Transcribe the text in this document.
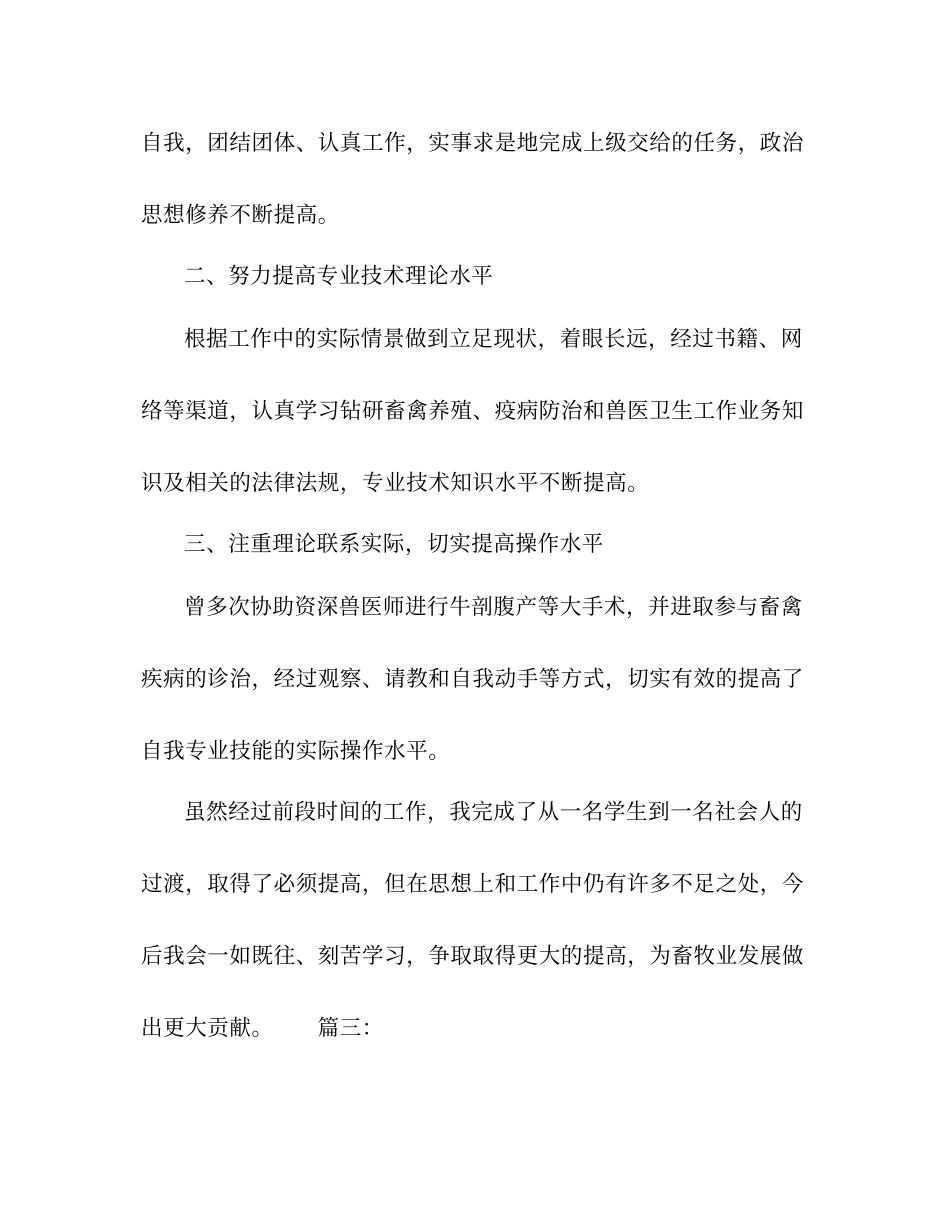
自我，团结团体、认真工作，实事求是地完成上级交给的任务，政治

思想修养不断提高。

二、努力提高专业技术理论水平

根据工作中的实际情景做到立足现状，着眼长远，经过书籍、网

络等渠道，认真学习钻研畜禽养殖、疫病防治和兽医卫生工作业务知

识及相关的法律法规，专业技术知识水平不断提高。

三、注重理论联系实际，切实提高操作水平

曾多次协助资深兽医师进行牛剖腹产等大手术，并进取参与畜禽

疾病的诊治，经过观察、请教和自我动手等方式，切实有效的提高了

自我专业技能的实际操作水平。

虽然经过前段时间的工作，我完成了从一名学生到一名社会人的

过渡，取得了必须提高，但在思想上和工作中仍有许多不足之处，今

后我会一如既往、刻苦学习，争取取得更大的提高，为畜牧业发展做

出更大贡献。 篇三：
